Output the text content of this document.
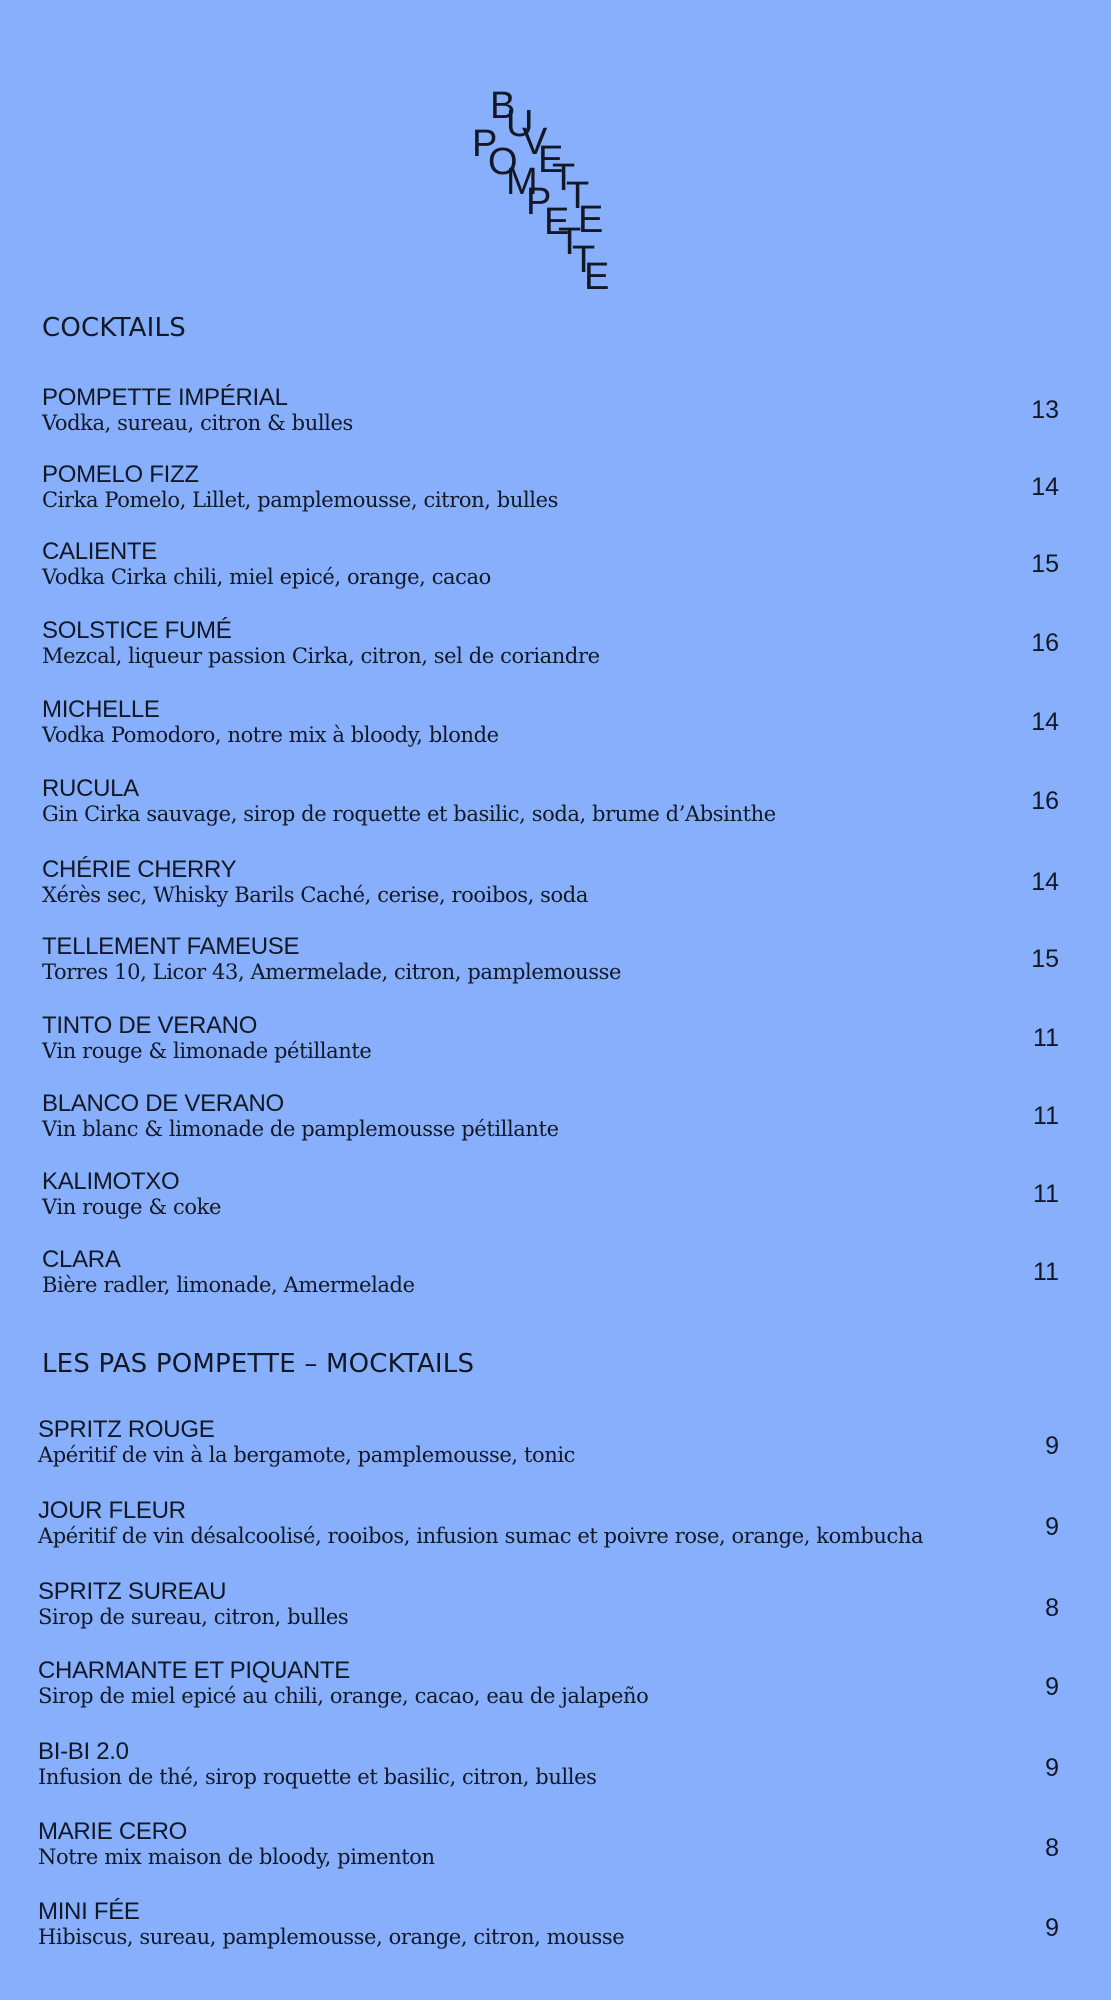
B
U
V
E
T
T
E
P
O
M
P
E
T
T
E
COCKTAILS
POMPETTE IMPÉRIAL
Vodka, sureau, citron & bulles	13
POMELO FIZZ
Cirka Pomelo, Lillet, pamplemousse, citron, bulles	14
CALIENTE
Vodka Cirka chili, miel epicé, orange, cacao	15
SOLSTICE FUMÉ
Mezcal, liqueur passion Cirka, citron, sel de coriandre	16
MICHELLE
Vodka Pomodoro, notre mix à bloody, blonde	14
RUCULA
Gin Cirka sauvage, sirop de roquette et basilic, soda, brume d’Absinthe	16
CHÉRIE CHERRY
Xérès sec, Whisky Barils Caché, cerise, rooibos, soda	14
TELLEMENT FAMEUSE
Torres 10, Licor 43, Amermelade, citron, pamplemousse	15
TINTO DE VERANO
Vin rouge & limonade pétillante	11
BLANCO DE VERANO
Vin blanc & limonade de pamplemousse pétillante	11
KALIMOTXO
Vin rouge & coke	11
CLARA
Bière radler, limonade, Amermelade	11
LES PAS POMPETTE – MOCKTAILS
SPRITZ ROUGE
Apéritif de vin à la bergamote, pamplemousse, tonic	9
JOUR FLEUR
Apéritif de vin désalcoolisé, rooibos, infusion sumac et poivre rose, orange, kombucha	9
SPRITZ SUREAU
Sirop de sureau, citron, bulles	8
CHARMANTE ET PIQUANTE
Sirop de miel epicé au chili, orange, cacao, eau de jalapeño	9
BI-BI 2.0
Infusion de thé, sirop roquette et basilic, citron, bulles	9
MARIE CERO
Notre mix maison de bloody, pimenton	8
MINI FÉE
Hibiscus, sureau, pamplemousse, orange, citron, mousse	9
